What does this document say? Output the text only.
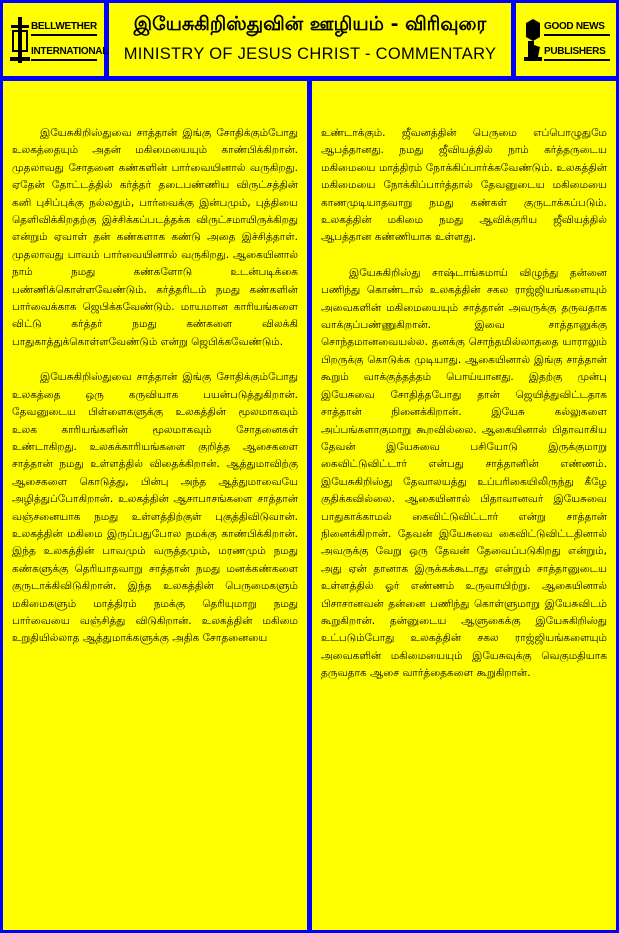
BELLWETHER
INTERNATIONAL
இயேசுகிறிஸ்துவின் ஊழியம் - விரிவுரை
MINISTRY OF JESUS CHRIST - COMMENTARY
GOOD NEWS
PUBLISHERS

இயேசுகிறிஸ்துவை சாத்தான் இங்கு சோதிக்கும்போது உலகத்தையும் அதன் மகிமையையும் காண்பிக்கிறான். முதலாவது சோதனை கண்களின் பார்வையினால் வருகிறது. ஏதேன் தோட்டத்தில் கர்த்தர் தடைபண்ணிய விருட்சத்தின் கனி புசிப்புக்கு நல்லதும், பார்வைக்கு இன்பமும், புத்தியை தெளிவிக்கிறதற்கு இச்சிக்கப்படத்தக்க விருட்சமாயிருக்கிறது என்றும் ஏவாள் தன் கண்களாக கண்டு அதை இச்சித்தாள். முதலாவது பாவம் பார்வையினால் வருகிறது. ஆகையினால் நாம் நமது கண்களோடு உடன்படிக்கை பண்ணிக்கொள்ளவேண்டும். கர்த்தரிடம் நமது கண்களின் பார்வைக்காக ஜெபிக்கவேண்டும். மாயமான காரியங்களை விட்டு கர்த்தர் நமது கண்களை விலக்கி பாதுகாத்துக்கொள்ளவேண்டும் என்று ஜெபிக்கவேண்டும்.

இயேசுகிறிஸ்துவை சாத்தான் இங்கு சோதிக்கும்போது உலகத்தை ஒரு கருவியாக பயன்படுத்துகிறான். தேவனுடைய பிள்ளைகளுக்கு உலகத்தின் மூலமாகவும் உலக காரியங்களின் மூலமாகவும் சோதனைகள் உண்டாகிறது. உலகக்காரியங்களை குறித்த ஆசைகளை சாத்தான் நமது உள்ளத்தில் விதைக்கிறான். ஆத்துமாவிற்கு ஆசைகளை கொடுத்து, பின்பு அந்த ஆத்துமாவையே அழித்துப்போகிறான். உலகத்தின் ஆசாபாசங்களை சாத்தான் வஞ்சனையாக நமது உள்ளத்திற்குள் புகுத்திவிடுவான். உலகத்தின் மகிமை இருப்பதுபோல நமக்கு காண்பிக்கிறான். இந்த உலகத்தின் பாவமும் வருத்தமும், மரணமும் நமது கண்களுக்கு தெரியாதவாறு சாத்தான் நமது மனக்கண்களை குருடாக்கிவிடுகிறான். இந்த உலகத்தின் பெருமைகளும் மகிமைகளும் மாத்திரம் நமக்கு தெரியுமாறு நமது பார்வையை வஞ்சித்து விடுகிறான். உலகத்தின் மகிமை உறுதியில்லாத ஆத்துமாக்களுக்கு அதிக சோதனையை

உண்டாக்கும். ஜீவனத்தின் பெருமை எப்பொழுதுமே ஆபத்தானது. நமது ஜீவியத்தில் நாம் கர்த்தருடைய மகிமையை மாத்திரம் நோக்கிப்பார்க்கவேண்டும். உலகத்தின் மகிமையை நோக்கிப்பார்த்தால் தேவனுடைய மகிமையை காணமுடியாதவாறு நமது கண்கள் குருடாக்கப்படும். உலகத்தின் மகிமை நமது ஆவிக்குரிய ஜீவியத்தில் ஆபத்தான கண்ணியாக உள்ளது.

இயேசுகிறிஸ்து சாஷ்டாங்கமாய் விழுந்து தன்னை பணிந்து கொண்டால் உலகத்தின் சகல ராஜ்ஜியங்களையும் அவைகளின் மகிமையையும் சாத்தான் அவருக்கு தருவதாக வாக்குப்பண்ணுகிறான். இவை சாத்தானுக்கு சொந்தமானவையல்ல. தனக்கு சொந்தமில்லாததை யாராலும் பிறருக்கு கொடுக்க முடியாது. ஆகையினால் இங்கு சாத்தான் கூறும் வாக்குத்தத்தம் பொய்யானது. இதற்கு முன்பு இயேசுவை சோதித்தபோது தான் ஜெயித்துவிட்டதாக சாத்தான் நினைக்கிறான். இயேசு கல்லுகளை அப்பங்களாகுமாறு கூறவில்லை. ஆகையினால் பிதாவாகிய தேவன் இயேசுவை பசியோடு இருக்குமாறு கைவிட்டுவிட்டார் என்பது சாத்தானின் எண்ணம். இயேசுகிறிஸ்து தேவாலயத்து உப்பரிகையிலிருந்து கீழே குதிக்கவில்லை. ஆகையினால் பிதாவானவர் இயேசுவை பாதுகாக்காமல் கைவிட்டுவிட்டார் என்று சாத்தான் நினைக்கிறான். தேவன் இயேசுவை கைவிட்டுவிட்டதினால் அவருக்கு வேறு ஒரு தேவன் தேவைப்படுகிறது என்றும், அது ஏன் தானாக இருக்கக்கூடாது என்றும் சாத்தானுடைய உள்ளத்தில் ஓர் எண்ணம் உருவாயிற்று. ஆகையினால் பிசாசானவன் தன்னை பணிந்து கொள்ளுமாறு இயேசுவிடம் கூறுகிறான். தன்னுடைய ஆளுகைக்கு இயேசுகிறிஸ்து உட்படும்போது உலகத்தின் சகல ராஜ்ஜியங்களையும் அவைகளின் மகிமையையும் இயேசுவுக்கு வெகுமதியாக தருவதாக ஆசை வார்த்தைகளை கூறுகிறான்.
